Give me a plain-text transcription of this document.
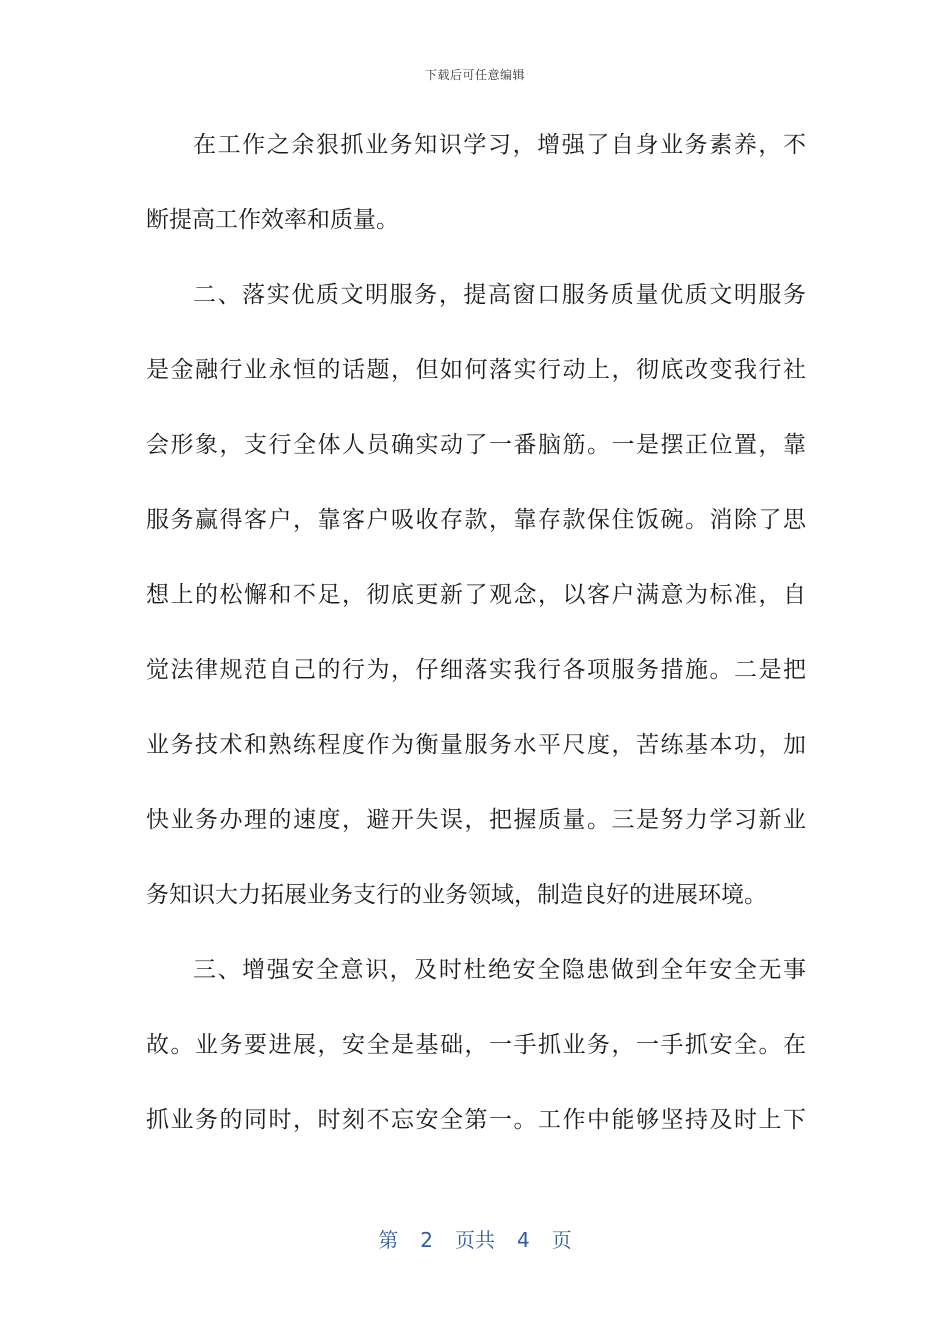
下载后可任意编辑
在工作之余狠抓业务知识学习，增强了自身业务素养，不
断提高工作效率和质量。
二、落实优质文明服务，提高窗口服务质量优质文明服务
是金融行业永恒的话题，但如何落实行动上，彻底改变我行社
会形象，支行全体人员确实动了一番脑筋。一是摆正位置，靠
服务赢得客户，靠客户吸收存款，靠存款保住饭碗。消除了思
想上的松懈和不足，彻底更新了观念，以客户满意为标准，自
觉法律规范自己的行为，仔细落实我行各项服务措施。二是把
业务技术和熟练程度作为衡量服务水平尺度，苦练基本功，加
快业务办理的速度，避开失误，把握质量。三是努力学习新业
务知识大力拓展业务支行的业务领域，制造良好的进展环境。
三、增强安全意识，及时杜绝安全隐患做到全年安全无事
故。业务要进展，安全是基础，一手抓业务，一手抓安全。在
抓业务的同时，时刻不忘安全第一。工作中能够坚持及时上下
第 2 页共 4 页
